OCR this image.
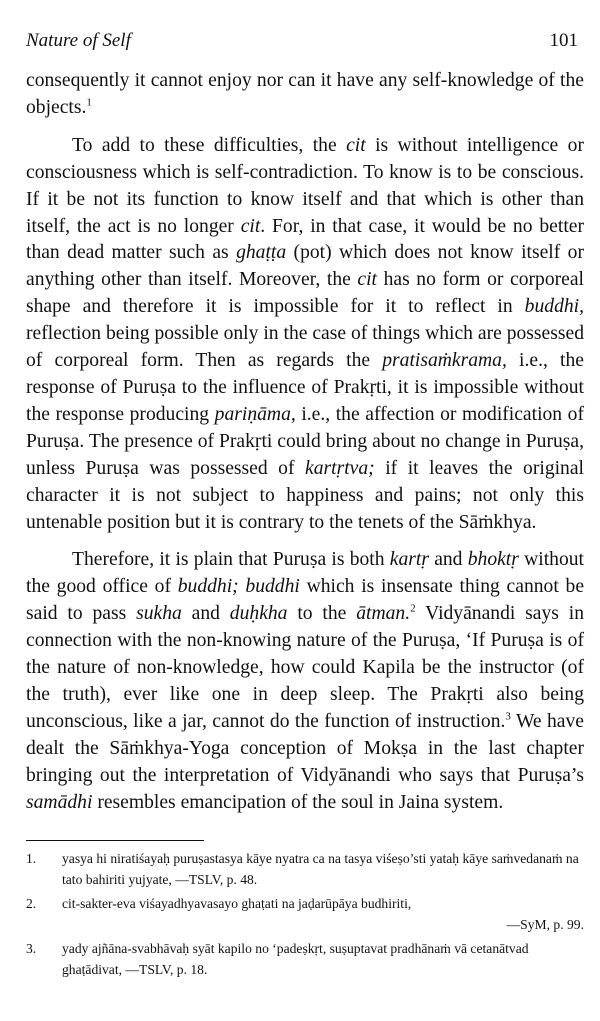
Nature of Self	101

consequently it cannot enjoy nor can it have any self-knowledge of the objects.$^1$

To add to these difficulties, the cit is without intelligence or consciousness which is self-contradiction. To know is to be conscious. If it be not its function to know itself and that which is other than itself, the act is no longer cit. For, in that case, it would be no better than dead matter such as ghaṭṭa (pot) which does not know itself or anything other than itself. Moreover, the cit has no form or corporeal shape and therefore it is impossible for it to reflect in buddhi, reflection being possible only in the case of things which are possessed of corporeal form. Then as regards the pratisaṁkrama, i.e., the response of Puruṣa to the influence of Prakṛti, it is impossible without the response producing pariṇāma, i.e., the affection or modification of Puruṣa. The presence of Prakṛti could bring about no change in Puruṣa, unless Puruṣa was possessed of kartṛtva; if it leaves the original character it is not subject to happiness and pains; not only this untenable position but it is contrary to the tenets of the Sāṁkhya.

Therefore, it is plain that Puruṣa is both kartṛ and bhoktṛ without the good office of buddhi; buddhi which is insensate thing cannot be said to pass sukha and duḥkha to the ātman.$^2$ Vidyānandi says in connection with the non-knowing nature of the Puruṣa, ‘If Puruṣa is of the nature of non-knowledge, how could Kapila be the instructor (of the truth), ever like one in deep sleep. The Prakṛti also being unconscious, like a jar, cannot do the function of instruction.$^3$ We have dealt the Sāṁkhya-Yoga conception of Mokṣa in the last chapter bringing out the interpretation of Vidyānandi who says that Puruṣa’s samādhi resembles emancipation of the soul in Jaina system.

1.	yasya hi niratiśayaḥ puruṣastasya kāye nyatra ca na tasya viśeṣo’sti yataḥ kāye saṁvedanaṁ na tato bahiriti yujyate, —TSLV, p. 48.
2.	cit-sakter-eva viśayadhyavasayo ghaṭati na jaḍarūpāya budhiriti,
—SyM, p. 99.
3.	yady ajñāna-svabhāvaḥ syāt kapilo no ‘padeṣkṛt, suṣuptavat pradhānaṁ vā cetanātvad ghaṭādivat, —TSLV, p. 18.
